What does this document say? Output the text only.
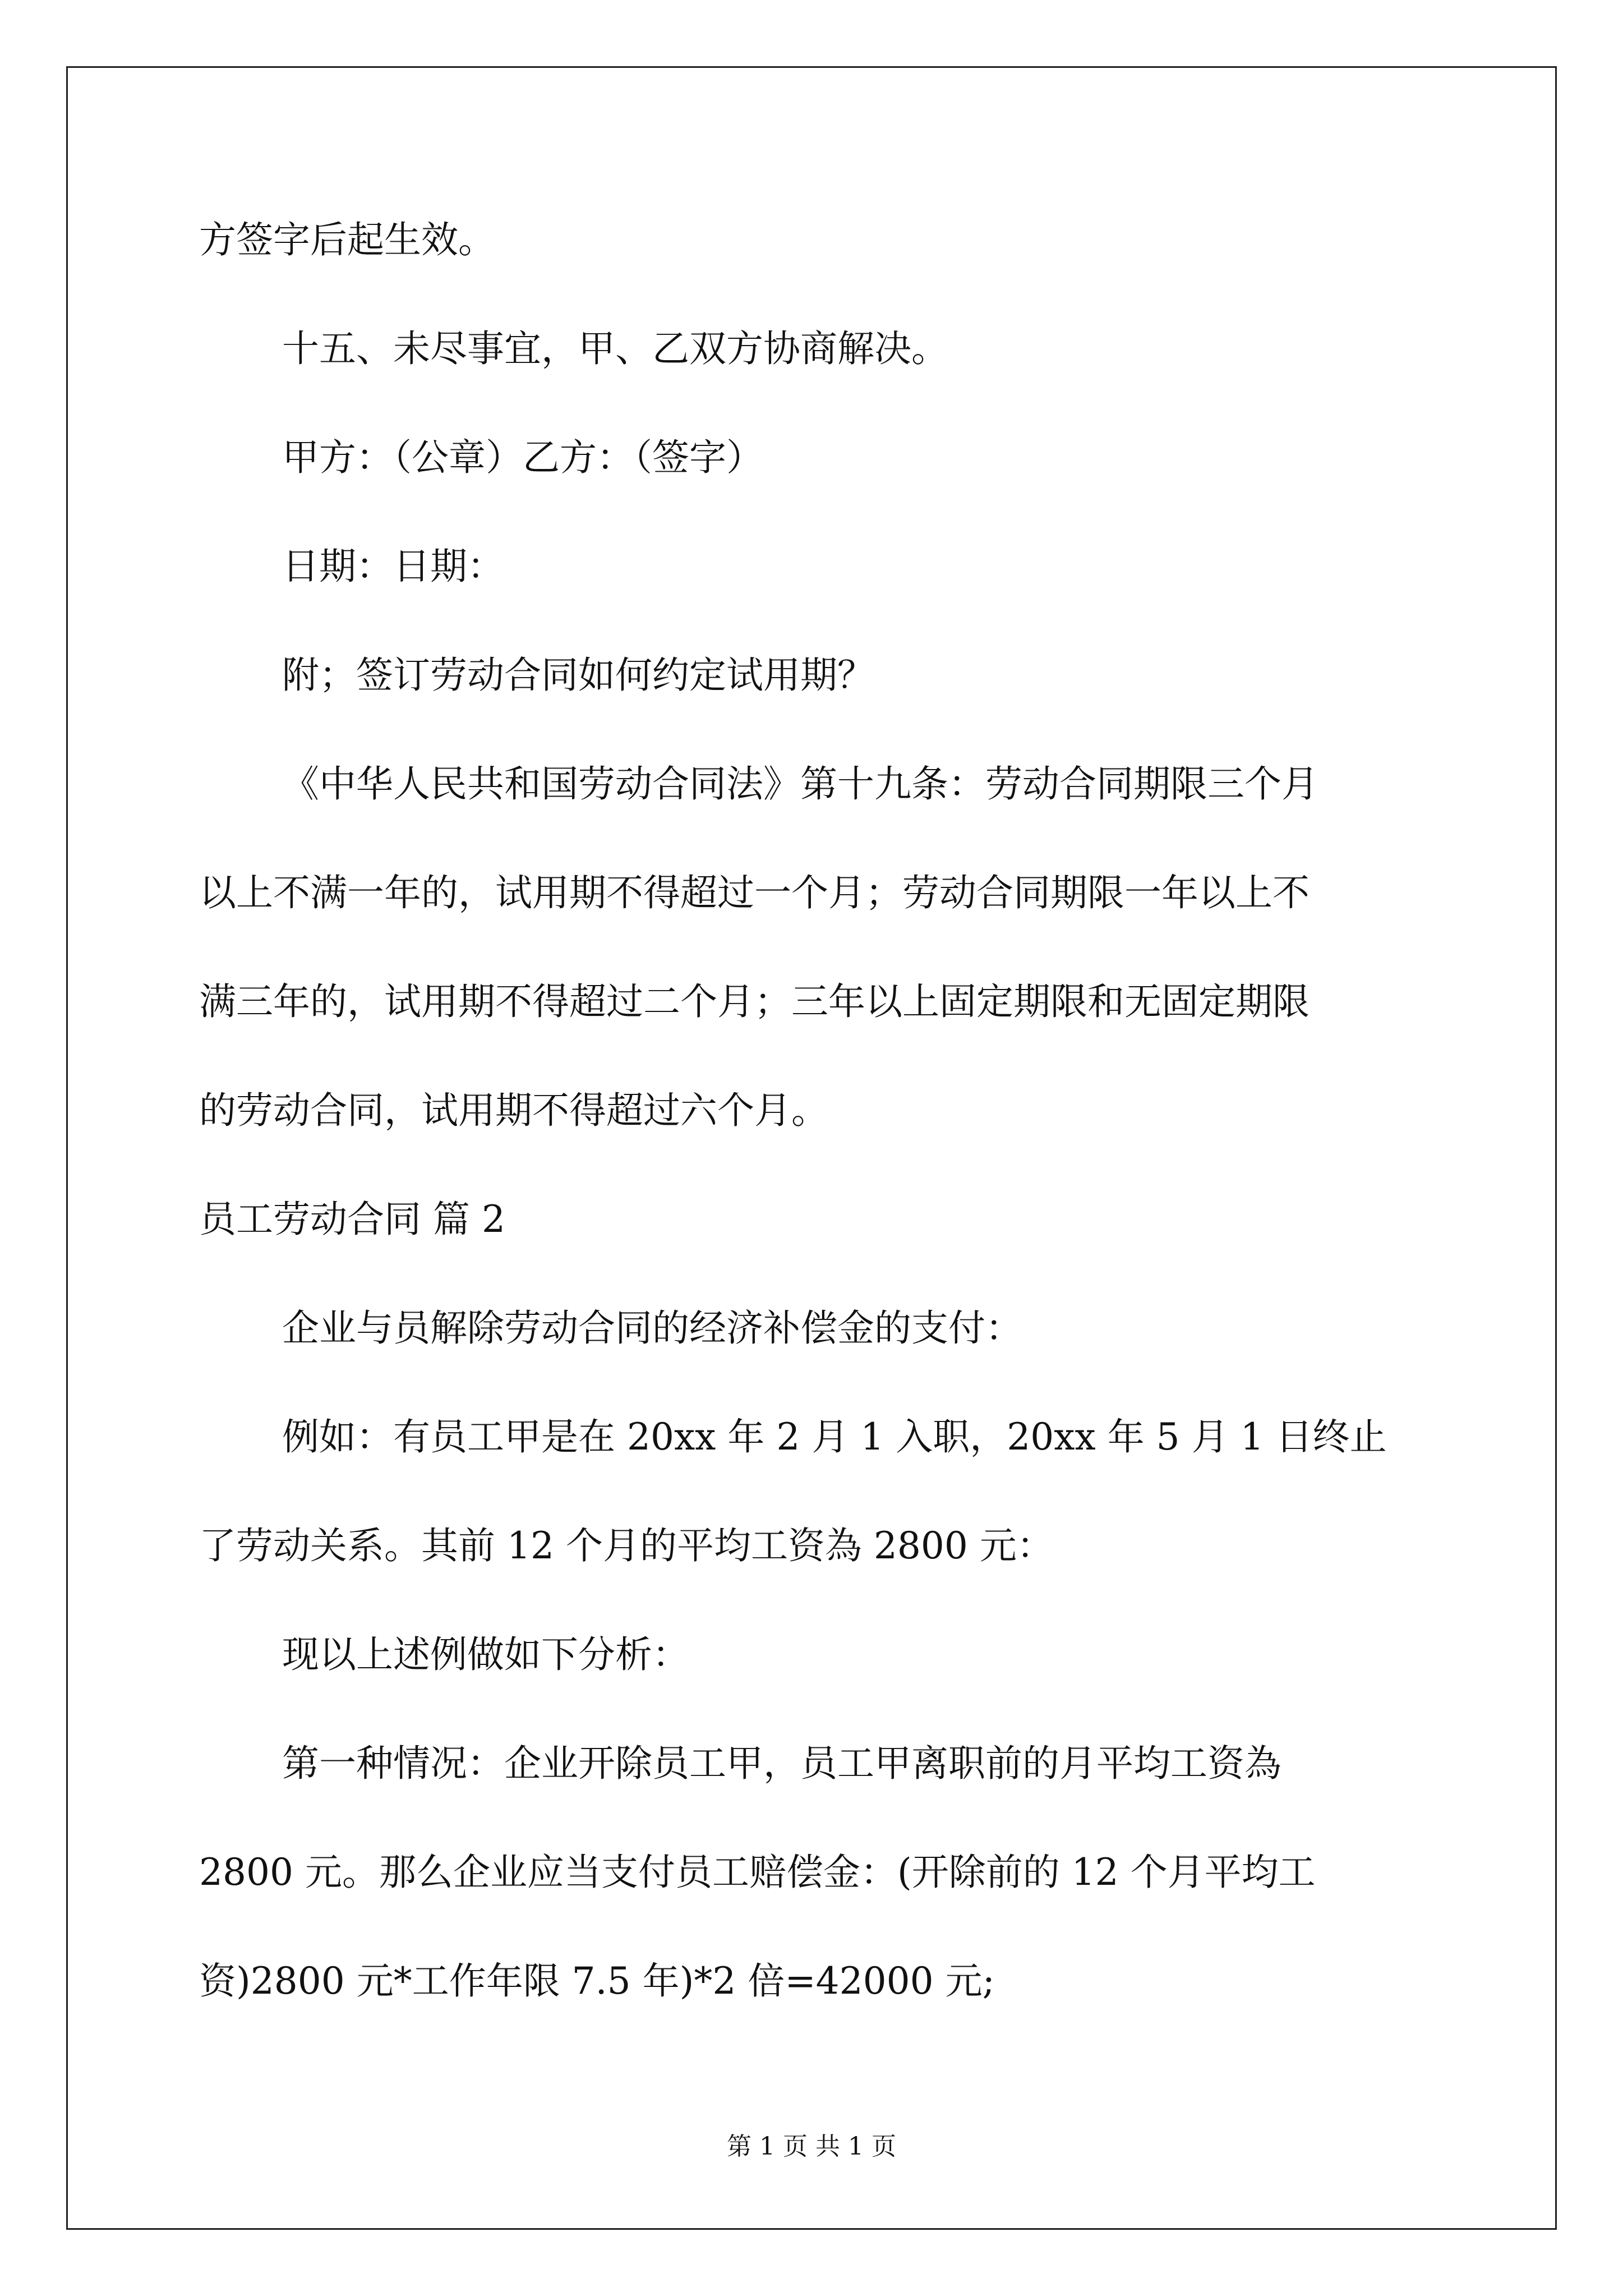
方签字后起生效。

十五、未尽事宜，甲、乙双方协商解决。

甲方：（公章）乙方：（签字）

日期：日期：

附；签订劳动合同如何约定试用期？

《中华人民共和国劳动合同法》第十九条：劳动合同期限三个月
以上不满一年的，试用期不得超过一个月；劳动合同期限一年以上不
满三年的，试用期不得超过二个月；三年以上固定期限和无固定期限
的劳动合同，试用期不得超过六个月。

员工劳动合同 篇 2

企业与员解除劳动合同的经济补偿金的支付：

例如：有员工甲是在 20xx 年 2 月 1 入职，20xx 年 5 月 1 日终止
了劳动关系。其前 12 个月的平均工资為 2800 元：

现以上述例做如下分析：

第一种情况：企业开除员工甲，员工甲离职前的月平均工资為
2800 元。那么企业应当支付员工赔偿金：(开除前的 12 个月平均工
资)2800 元*工作年限 7.5 年)*2 倍=42000 元;
第 1 页 共 1 页
